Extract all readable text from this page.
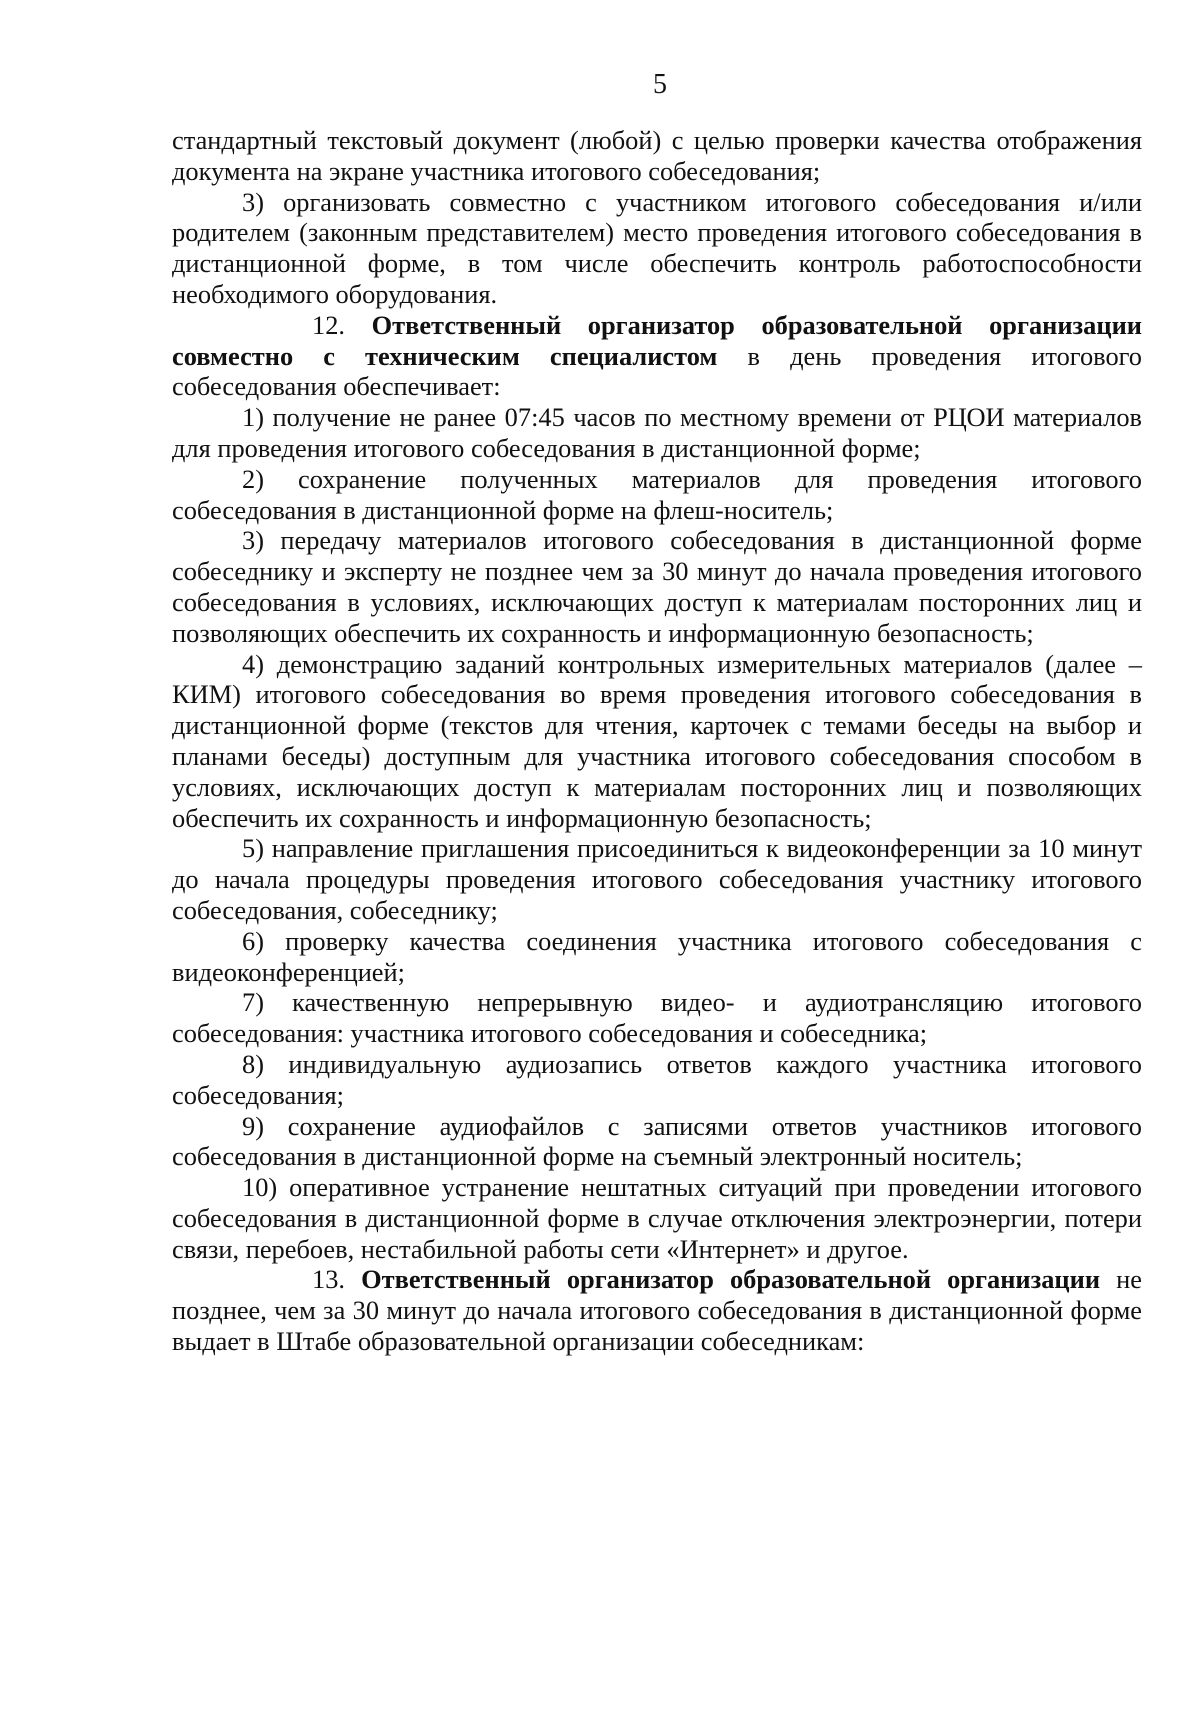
5

стандартный текстовый документ (любой) с целью проверки качества отображения документа на экране участника итогового собеседования;

3) организовать совместно с участником итогового собеседования и/или родителем (законным представителем) место проведения итогового собеседования в дистанционной форме, в том числе обеспечить контроль работоспособности необходимого оборудования.

12. Ответственный организатор образовательной организации совместно с техническим специалистом в день проведения итогового собеседования обеспечивает:

1) получение не ранее 07:45 часов по местному времени от РЦОИ материалов для проведения итогового собеседования в дистанционной форме;

2) сохранение полученных материалов для проведения итогового собеседования в дистанционной форме на флеш-носитель;

3) передачу материалов итогового собеседования в дистанционной форме собеседнику и эксперту не позднее чем за 30 минут до начала проведения итогового собеседования в условиях, исключающих доступ к материалам посторонних лиц и позволяющих обеспечить их сохранность и информационную безопасность;

4) демонстрацию заданий контрольных измерительных материалов (далее – КИМ) итогового собеседования во время проведения итогового собеседования в дистанционной форме (текстов для чтения, карточек с темами беседы на выбор и планами беседы) доступным для участника итогового собеседования способом в условиях, исключающих доступ к материалам посторонних лиц и позволяющих обеспечить их сохранность и информационную безопасность;

5) направление приглашения присоединиться к видеоконференции за 10 минут до начала процедуры проведения итогового собеседования участнику итогового собеседования, собеседнику;

6) проверку качества соединения участника итогового собеседования с видеоконференцией;

7) качественную непрерывную видео- и аудиотрансляцию итогового собеседования: участника итогового собеседования и собеседника;

8) индивидуальную аудиозапись ответов каждого участника итогового собеседования;

9) сохранение аудиофайлов с записями ответов участников итогового собеседования в дистанционной форме на съемный электронный носитель;

10) оперативное устранение нештатных ситуаций при проведении итогового собеседования в дистанционной форме в случае отключения электроэнергии, потери связи, перебоев, нестабильной работы сети «Интернет» и другое.

13. Ответственный организатор образовательной организации не позднее, чем за 30 минут до начала итогового собеседования в дистанционной форме выдает в Штабе образовательной организации собеседникам:
